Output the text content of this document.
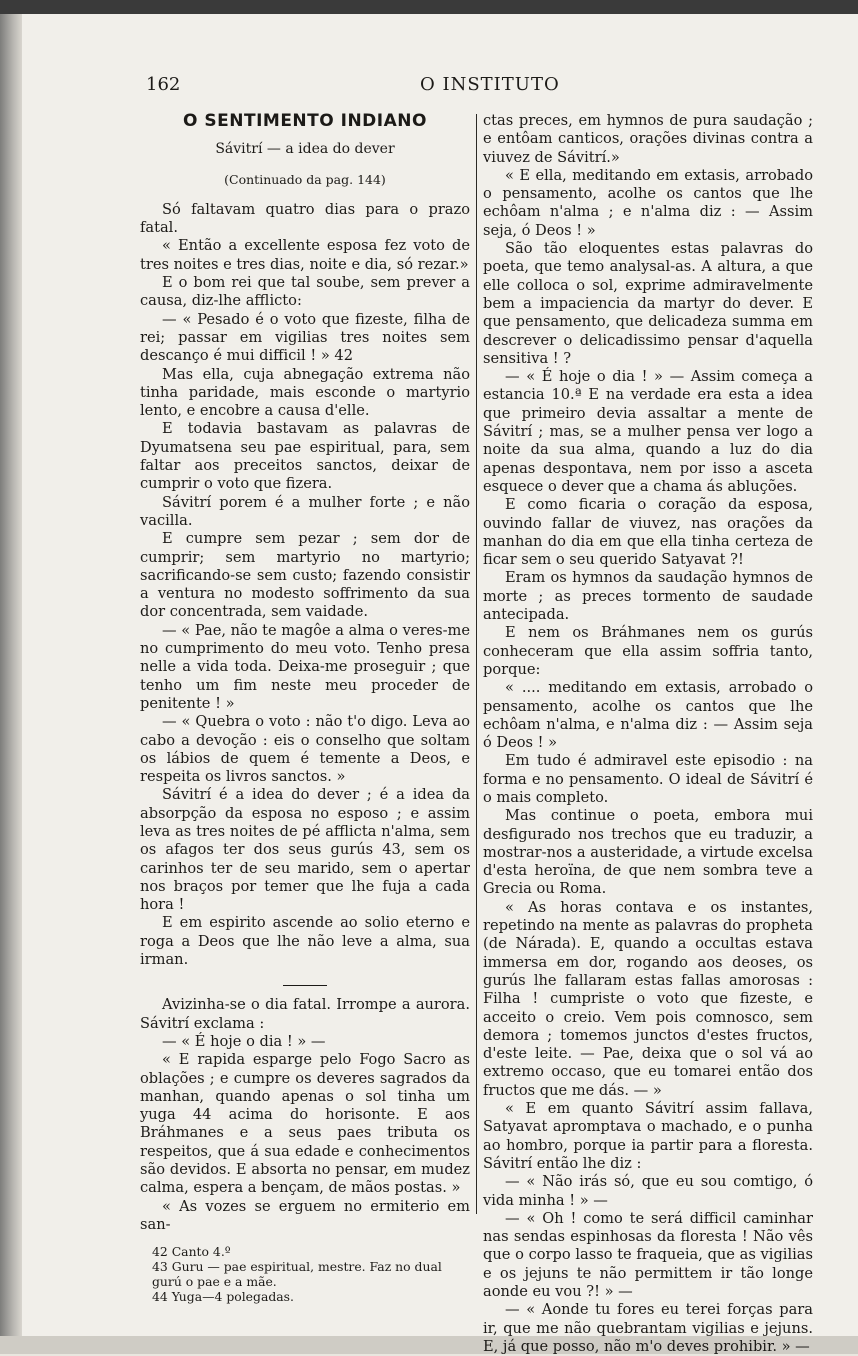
162	O INSTITUTO
O SENTIMENTO INDIANO
Sávitrí — a idea do dever
(Continuado da pag. 144)

Só faltavam quatro dias para o prazo fatal.

« Então a excellente esposa fez voto de tres noites e tres dias, noite e dia, só rezar.»

E o bom rei que tal soube, sem prever a causa, diz-lhe afflicto:

— « Pesado é o voto que fizeste, filha de rei; passar em vigilias tres noites sem descanço é mui difficil ! » 42

Mas ella, cuja abnegação extrema não tinha paridade, mais esconde o martyrio lento, e encobre a causa d'elle.

E todavia bastavam as palavras de Dyumatsena seu pae espiritual, para, sem faltar aos preceitos sanctos, deixar de cumprir o voto que fizera.

Sávitrí porem é a mulher forte ; e não vacilla.

E cumpre sem pezar ; sem dor de cumprir; sem martyrio no martyrio; sacrificando-se sem custo; fazendo consistir a ventura no modesto soffrimento da sua dor concentrada, sem vaidade.

— « Pae, não te magôe a alma o veres-me no cumprimento do meu voto. Tenho presa nelle a vida toda. Deixa-me proseguir ; que tenho um fim neste meu proceder de penitente ! »

— « Quebra o voto : não t'o digo. Leva ao cabo a devoção : eis o conselho que soltam os lábios de quem é temente a Deos, e respeita os livros sanctos. »

Sávitrí é a idea do dever ; é a idea da absorpção da esposa no esposo ; e assim leva as tres noites de pé afflicta n'alma, sem os afagos ter dos seus gurús 43, sem os carinhos ter de seu marido, sem o apertar nos braços por temer que lhe fuja a cada hora !

E em espirito ascende ao solio eterno e roga a Deos que lhe não leve a alma, sua irman.

Avizinha-se o dia fatal. Irrompe a aurora. Sávitrí exclama :

— « É hoje o dia ! » —

« E rapida esparge pelo Fogo Sacro as oblações ; e cumpre os deveres sagrados da manhan, quando apenas o sol tinha um yuga 44 acima do horisonte. E aos Bráhmanes e a seus paes tributa os respeitos, que á sua edade e conhecimentos são devidos. E absorta no pensar, em mudez calma, espera a bençam, de mãos postas. »

« As vozes se erguem no ermiterio em san-

42 Canto 4.º
43 Guru — pae espiritual, mestre. Faz no dual gurú o pae e a mãe.
44 Yuga—4 polegadas.

ctas preces, em hymnos de pura saudação ; e entôam canticos, orações divinas contra a viuvez de Sávitrí.»

« E ella, meditando em extasis, arrobado o pensamento, acolhe os cantos que lhe echôam n'alma ; e n'alma diz : — Assim seja, ó Deos ! »

São tão eloquentes estas palavras do poeta, que temo analysal-as. A altura, a que elle colloca o sol, exprime admiravelmente bem a impaciencia da martyr do dever. E que pensamento, que delicadeza summa em descrever o delicadissimo pensar d'aquella sensitiva ! ?

— « É hoje o dia ! » — Assim começa a estancia 10.ª E na verdade era esta a idea que primeiro devia assaltar a mente de Sávitrí ; mas, se a mulher pensa ver logo a noite da sua alma, quando a luz do dia apenas despontava, nem por isso a asceta esquece o dever que a chama ás abluções.

E como ficaria o coração da esposa, ouvindo fallar de viuvez, nas orações da manhan do dia em que ella tinha certeza de ficar sem o seu querido Satyavat ?!

Eram os hymnos da saudação hymnos de morte ; as preces tormento de saudade antecipada.

E nem os Bráhmanes nem os gurús conheceram que ella assim soffria tanto, porque:

« .... meditando em extasis, arrobado o pensamento, acolhe os cantos que lhe echôam n'alma, e n'alma diz : — Assim seja ó Deos ! »

Em tudo é admiravel este episodio : na forma e no pensamento. O ideal de Sávitrí é o mais completo.

Mas continue o poeta, embora mui desfigurado nos trechos que eu traduzir, a mostrar-nos a austeridade, a virtude excelsa d'esta heroïna, de que nem sombra teve a Grecia ou Roma.

« As horas contava e os instantes, repetindo na mente as palavras do propheta (de Nárada). E, quando a occultas estava immersa em dor, rogando aos deoses, os gurús lhe fallaram estas fallas amorosas : Filha ! cumpriste o voto que fizeste, e acceito o creio. Vem pois comnosco, sem demora ; tomemos junctos d'estes fructos, d'este leite. — Pae, deixa que o sol vá ao extremo occaso, que eu tomarei então dos fructos que me dás. — »

« E em quanto Sávitrí assim fallava, Satyavat apromptava o machado, e o punha ao hombro, porque ia partir para a floresta. Sávitrí então lhe diz :

— « Não irás só, que eu sou comtigo, ó vida minha ! » —

— « Oh ! como te será difficil caminhar nas sendas espinhosas da floresta ! Não vês que o corpo lasso te fraqueia, que as vigilias e os jejuns te não permittem ir tão longe aonde eu vou ?! » —

— « Aonde tu fores eu terei forças para ir, que me não quebrantam vigilias e jejuns. E, já que posso, não m'o deves prohibir. » —
